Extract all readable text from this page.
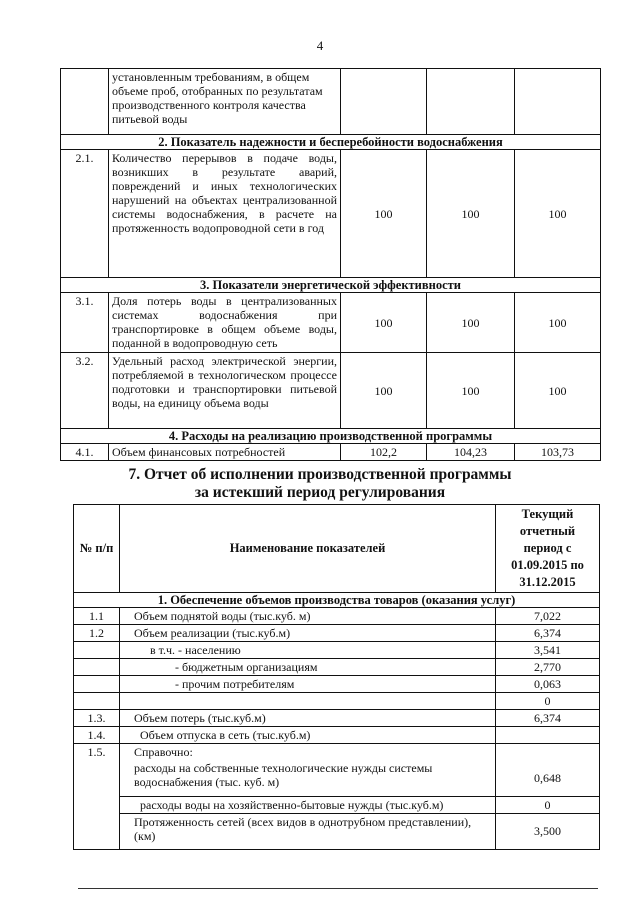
4
	установленным требованиям, в общем объеме проб, отобранных по результатам производственного контроля качества питьевой воды			
2. Показатель надежности и бесперебойности водоснабжения				
2.1.	Количество перерывов в подаче воды, возникших в результате аварий, повреждений и иных технологических нарушений на объектах централизованной системы водоснабжения, в расчете на протяженность водопроводной сети в год	100	100	100
3. Показатели энергетической эффективности				
3.1.	Доля потерь воды в централизованных системах водоснабжения при транспортировке в общем объеме воды, поданной в водопроводную сеть	100	100	100
3.2.	Удельный расход электрической энергии, потребляемой в технологическом процессе подготовки и транспортировки питьевой воды, на единицу объема воды	100	100	100
4. Расходы на реализацию производственной программы				
4.1.	Объем финансовых потребностей	102,2	104,23	103,73
7. Отчет об исполнении производственной программы
за истекший период регулирования
№ п/п	Наименование показателей	Текущий отчетный период с 01.09.2015 по 31.12.2015
1. Обеспечение объемов производства товаров (оказания услуг)		
1.1	Объем поднятой воды (тыс.куб. м)	7,022
1.2	Объем реализации (тыс.куб.м)	6,374
	в т.ч. - населению	3,541
	- бюджетным организациям	2,770
	- прочим потребителям	0,063
		0
1.3.	Объем потерь (тыс.куб.м)	6,374
1.4.	Объем отпуска в сеть (тыс.куб.м)	
1.5.	Справочно:	
	расходы на собственные технологические нужды системы водоснабжения (тыс. куб. м)	0,648
	расходы воды на хозяйственно-бытовые нужды (тыс.куб.м)	0
	Протяженность сетей (всех видов в однотрубном представлении), (км)	3,500
